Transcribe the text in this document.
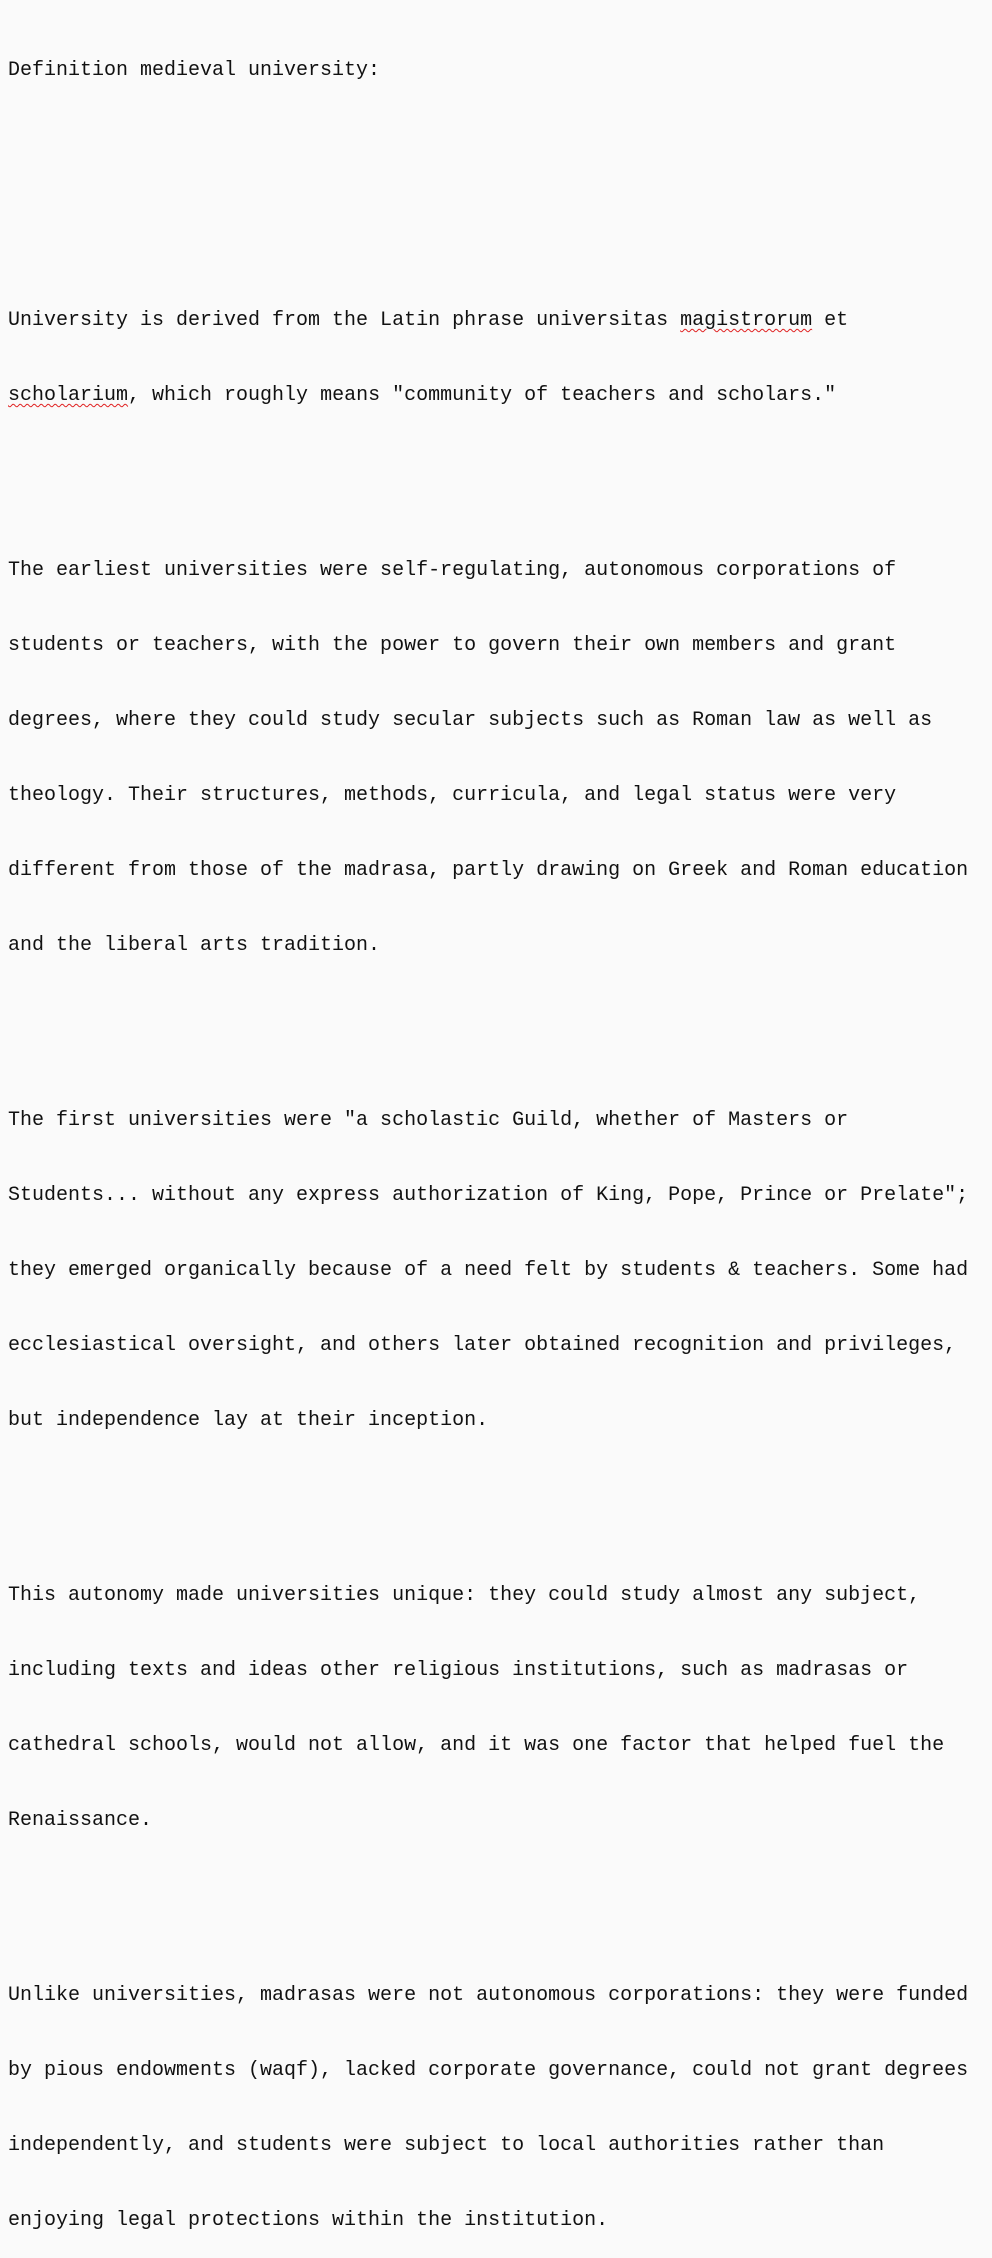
Definition medieval university:

University is derived from the Latin phrase universitas magistrorum et

scholarium, which roughly means "community of teachers and scholars."

The earliest universities were self-regulating, autonomous corporations of

students or teachers, with the power to govern their own members and grant

degrees, where they could study secular subjects such as Roman law as well as

theology. Their structures, methods, curricula, and legal status were very

different from those of the madrasa, partly drawing on Greek and Roman education

and the liberal arts tradition.

The first universities were "a scholastic Guild, whether of Masters or

Students... without any express authorization of King, Pope, Prince or Prelate";

they emerged organically because of a need felt by students & teachers. Some had

ecclesiastical oversight, and others later obtained recognition and privileges,

but independence lay at their inception.

This autonomy made universities unique: they could study almost any subject,

including texts and ideas other religious institutions, such as madrasas or

cathedral schools, would not allow, and it was one factor that helped fuel the

Renaissance.

Unlike universities, madrasas were not autonomous corporations: they were funded

by pious endowments (waqf), lacked corporate governance, could not grant degrees

independently, and students were subject to local authorities rather than

enjoying legal protections within the institution.
